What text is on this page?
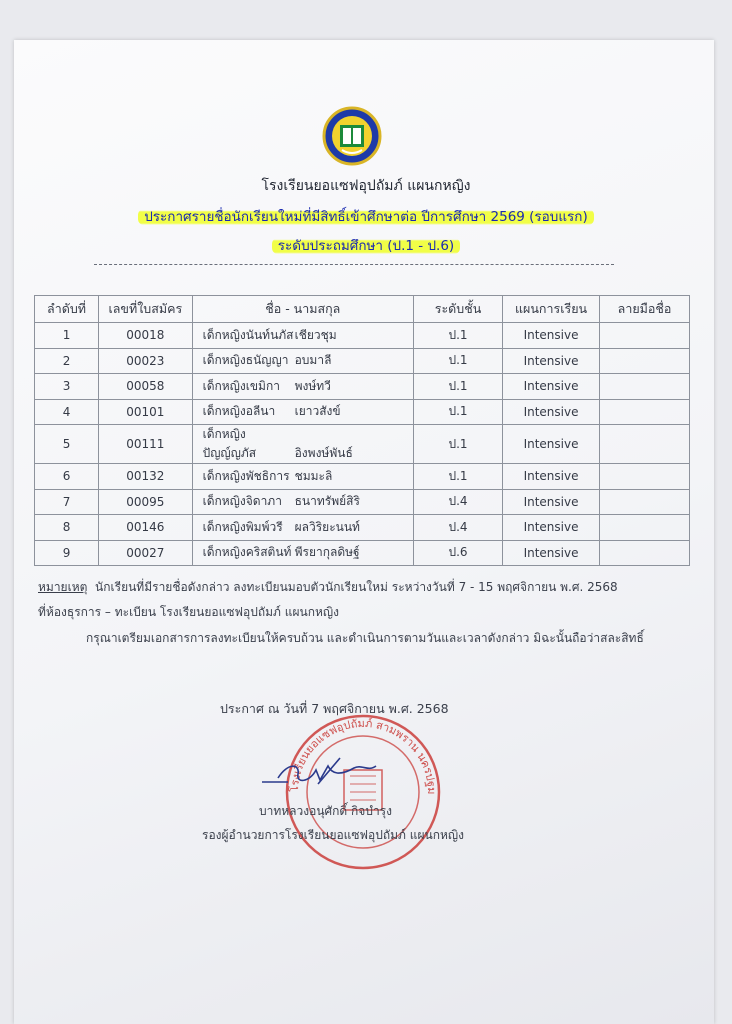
โรงเรียนยอแซฟอุปถัมภ์ แผนกหญิง
ประกาศรายชื่อนักเรียนใหม่ที่มีสิทธิ์เข้าศึกษาต่อ ปีการศึกษา 2569 (รอบแรก)
ระดับประถมศึกษา (ป.1 - ป.6)
ลำดับที่	เลขที่ใบสมัคร	ชื่อ - นามสกุล	ระดับชั้น	แผนการเรียน	ลายมือชื่อ
1	00018	เด็กหญิงนันท์นภัสเชียวชุม	ป.1	Intensive	
2	00023	เด็กหญิงธนัญญา อบมาลี	ป.1	Intensive	
3	00058	เด็กหญิงเขมิกา พงษ์ทวี	ป.1	Intensive	
4	00101	เด็กหญิงอลีนา เยาวสังข์	ป.1	Intensive	
5	00111	เด็กหญิงปัญญ์ญภัส อิงพงษ์พันธ์	ป.1	Intensive	
6	00132	เด็กหญิงพัชธิการ ชมมะลิ	ป.1	Intensive	
7	00095	เด็กหญิงจิดาภา ธนาทรัพย์สิริ	ป.4	Intensive	
8	00146	เด็กหญิงพิมพ์วรี ผลวิริยะนนท์	ป.4	Intensive	
9	00027	เด็กหญิงคริสตินท์ พีรยากุลดิษฐ์	ป.6	Intensive	
หมายเหตุ นักเรียนที่มีรายชื่อดังกล่าว ลงทะเบียนมอบตัวนักเรียนใหม่ ระหว่างวันที่ 7 - 15 พฤศจิกายน พ.ศ. 2568
ที่ห้องธุรการ – ทะเบียน โรงเรียนยอแซฟอุปถัมภ์ แผนกหญิง
กรุณาเตรียมเอกสารการลงทะเบียนให้ครบถ้วน และดำเนินการตามวันและเวลาดังกล่าว มิฉะนั้นถือว่าสละสิทธิ์
ประกาศ ณ วันที่ 7 พฤศจิกายน พ.ศ. 2568
โรงเรียนยอแซฟอุปถัมภ์ สามพราน นครปฐม
บาทหลวงอนุศักดิ์ กิจบำรุง
รองผู้อำนวยการโรงเรียนยอแซฟอุปถัมภ์ แผนกหญิง
